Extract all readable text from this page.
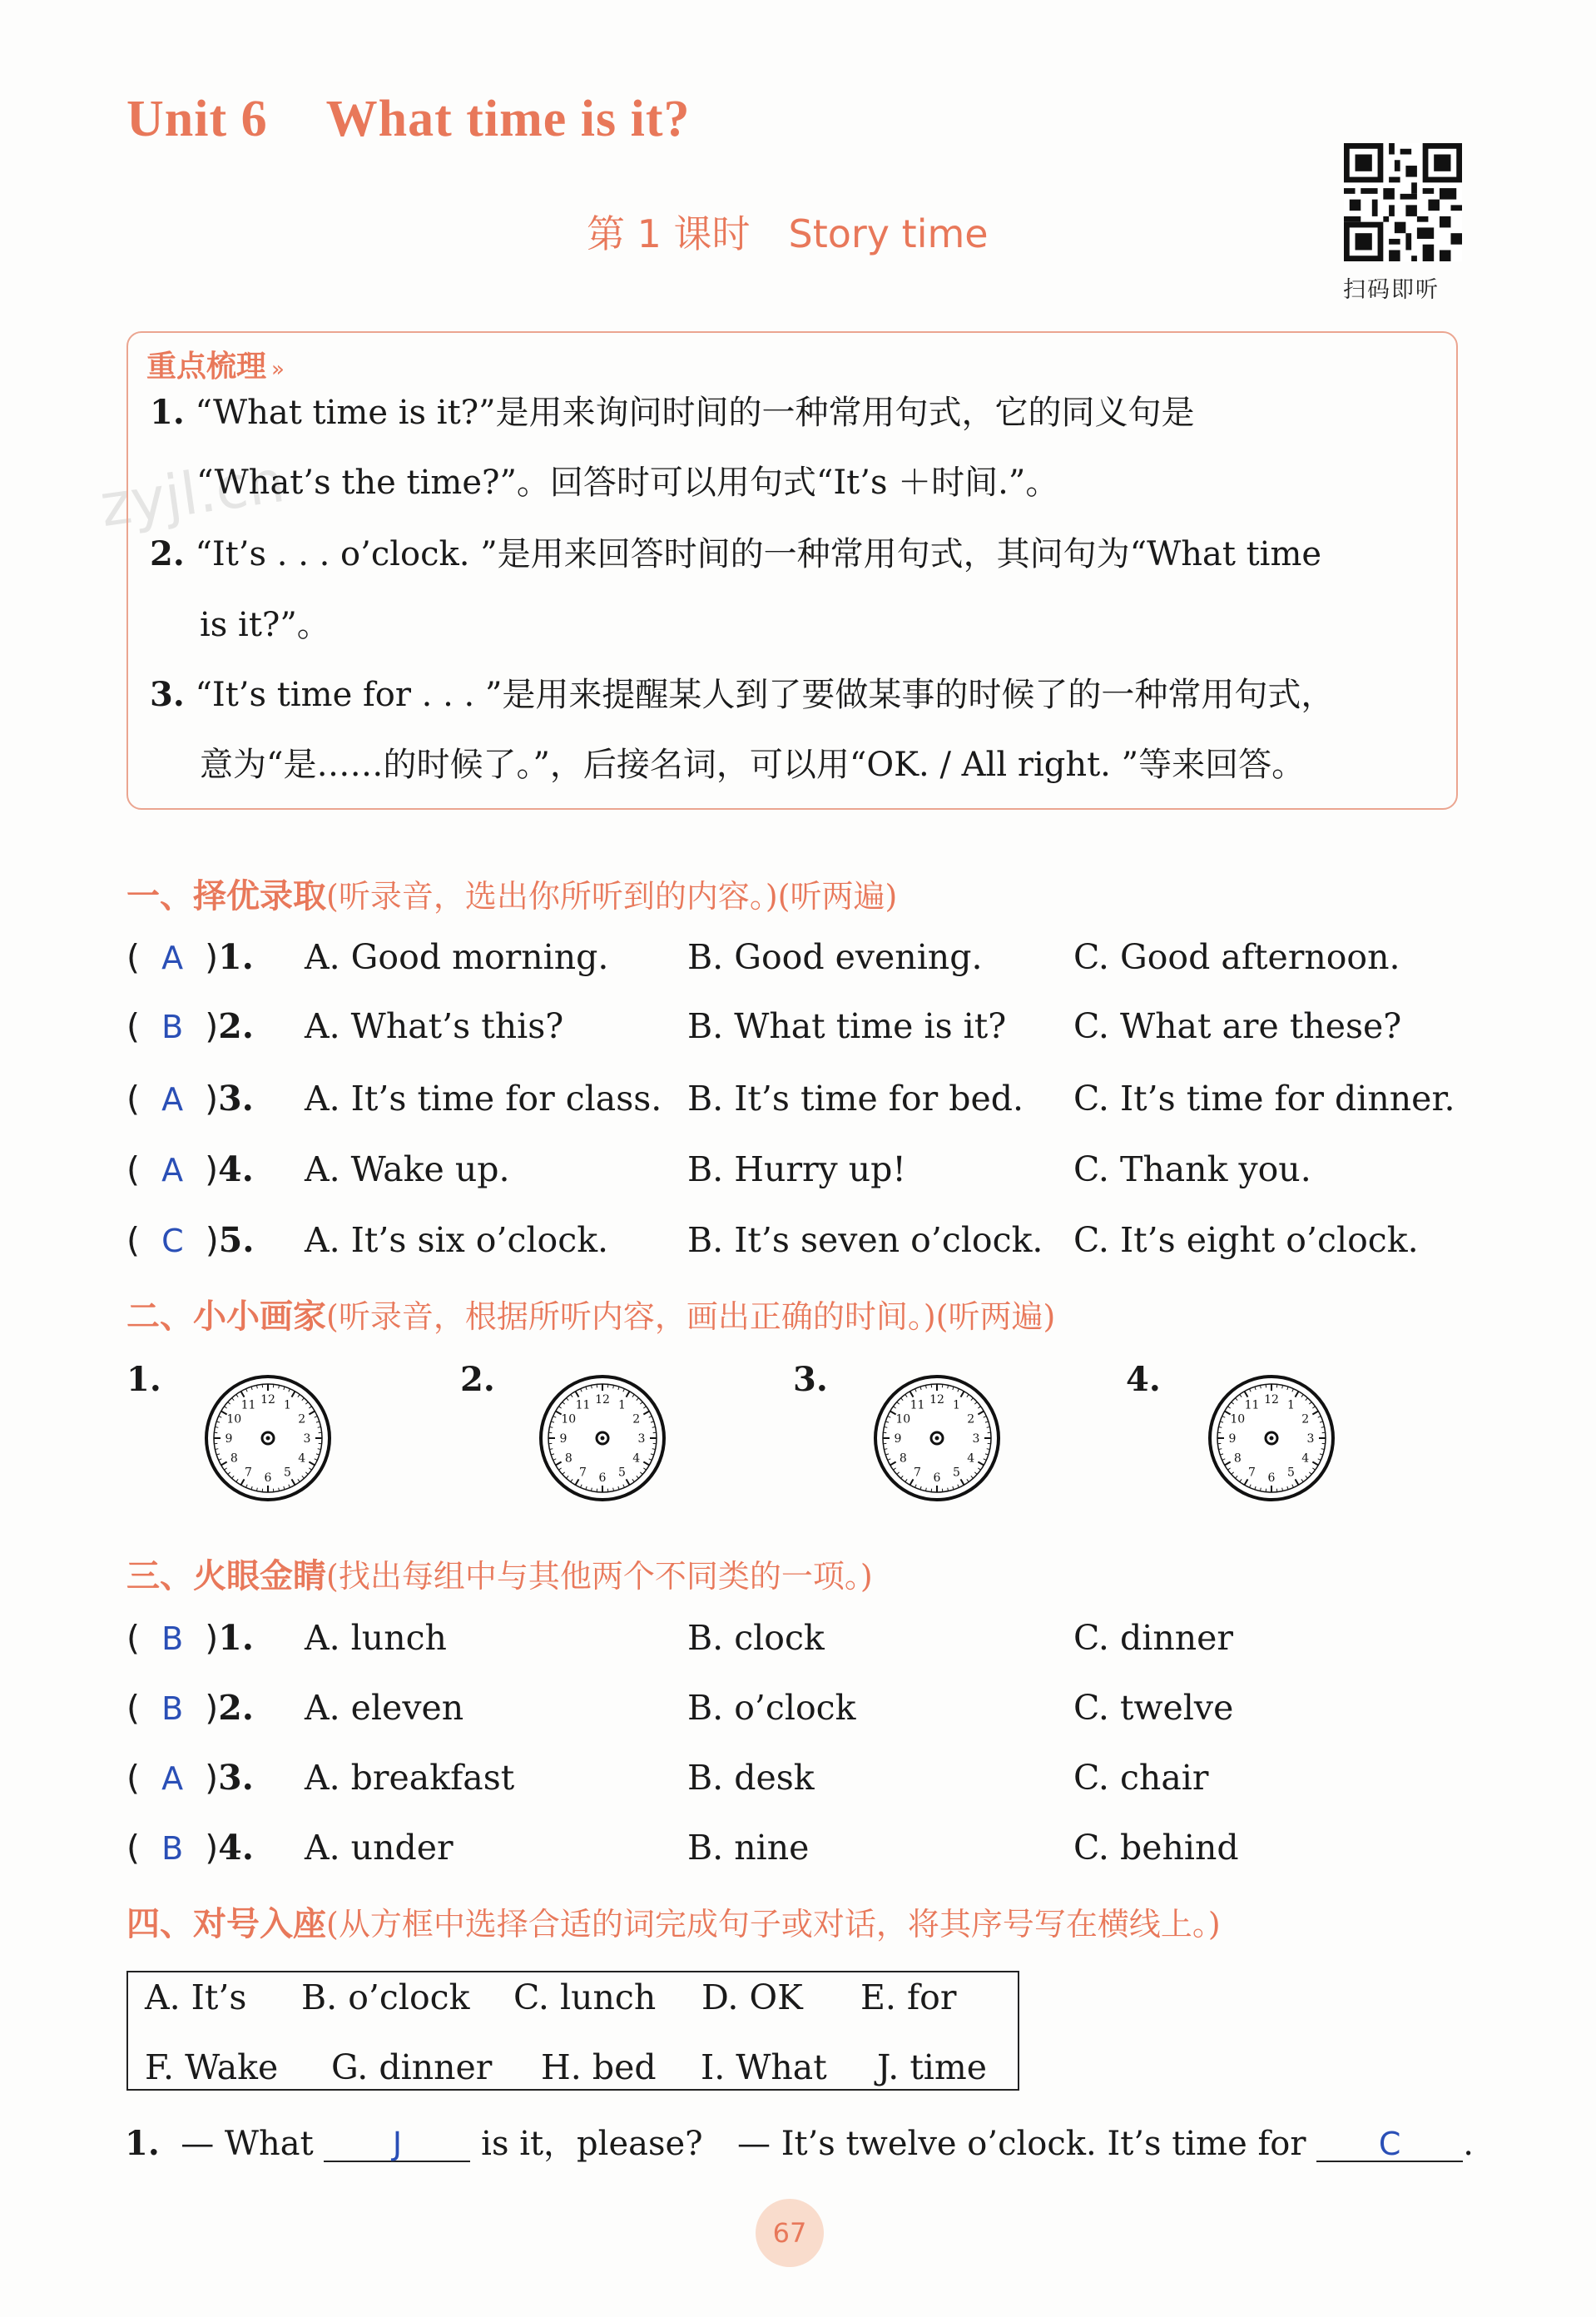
Unit 6 What time is it?
第 1 课时 Story time
扫码即听
zyjl.cn
重点梳理 »
1. “What time is it?”是用来询问时间的一种常用句式，它的同义句是
“What’s the time?”。回答时可以用句式“It’s ＋时间.”。
2. “It’s . . . o’clock. ”是用来回答时间的一种常用句式，其问句为“What time
is it?”。
3. “It’s time for . . . ”是用来提醒某人到了要做某事的时候了的一种常用句式，
意为“是……的时候了。”，后接名词，可以用“OK. / All right. ”等来回答。
一、择优录取(听录音，选出你所听到的内容。)(听两遍)
( A )1. A. Good morning. B. Good evening.	C. Good afternoon.
( B )2. A. What’s this?	B. What time is it? C. What are these?
( A )3. A. It’s time for class. B. It’s time for bed. C. It’s time for dinner.
( A )4. A. Wake up.	B. Hurry up!	C. Thank you.
( C )5. A. It’s six o’clock. B. It’s seven o’clock. C. It’s eight o’clock.
二、小小画家(听录音，根据所听内容，画出正确的时间。)(听两遍)
1.	2.	3.	4.
1
2
3
4
5
6
7
8
9
10
11 12	1
2
3
4
5
6
7
8
9
10
11 12	1
2
3
4
5
6
7
8
9
10
11 12	1
2
3
4
5
6
7
8
9
10
11 12
三、火眼金睛(找出每组中与其他两个不同类的一项。)
( B )1. A. lunch	B. clock	C. dinner
( B )2. A. eleven	B. o’clock	C. twelve
( A )3. A. breakfast	B. desk	C. chair
( B )4. A. under	B. nine	C. behind
四、对号入座(从方框中选择合适的词完成句子或对话，将其序号写在横线上。)
A. It’s B. o’clock C. lunch D. OK E. for
F. Wake G. dinner H. bed I. What J. time
1. — What	J is it，please? — It’s twelve o’clock. It’s time for C .
67
